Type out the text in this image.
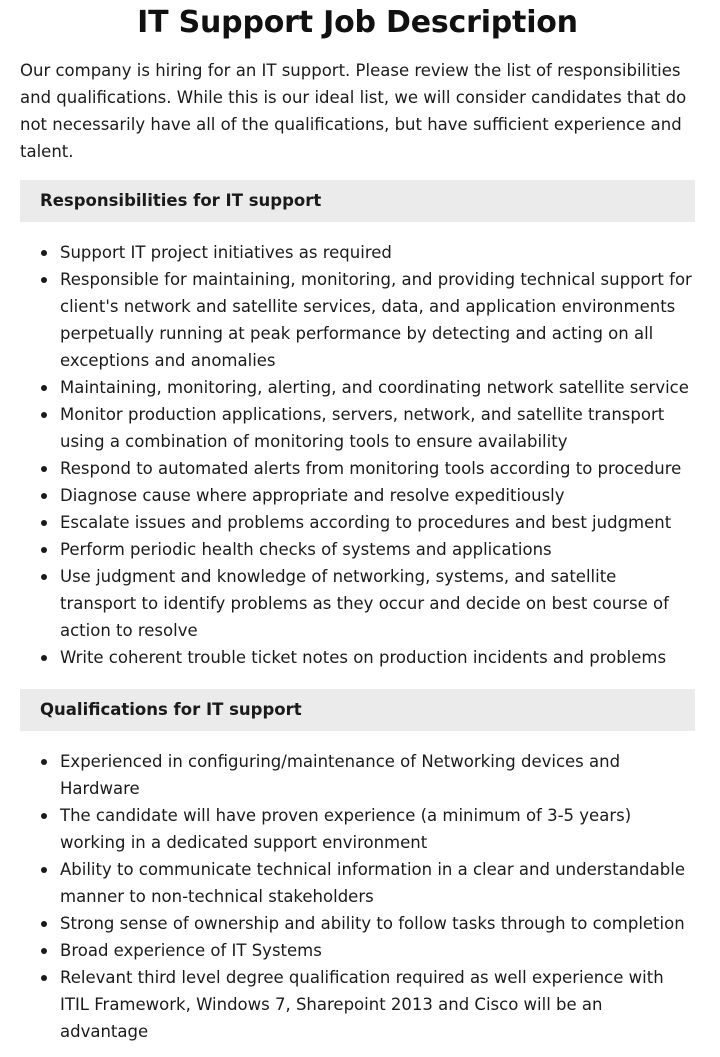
IT Support Job Description

Our company is hiring for an IT support. Please review the list of responsibilities and qualifications. While this is our ideal list, we will consider candidates that do not necessarily have all of the qualifications, but have sufficient experience and talent.

Responsibilities for IT support
Support IT project initiatives as required
Responsible for maintaining, monitoring, and providing technical support for client's network and satellite services, data, and application environments perpetually running at peak performance by detecting and acting on all exceptions and anomalies
Maintaining, monitoring, alerting, and coordinating network satellite service
Monitor production applications, servers, network, and satellite transport using a combination of monitoring tools to ensure availability
Respond to automated alerts from monitoring tools according to procedure
Diagnose cause where appropriate and resolve expeditiously
Escalate issues and problems according to procedures and best judgment
Perform periodic health checks of systems and applications
Use judgment and knowledge of networking, systems, and satellite transport to identify problems as they occur and decide on best course of action to resolve
Write coherent trouble ticket notes on production incidents and problems
Qualifications for IT support
Experienced in configuring/maintenance of Networking devices and Hardware
The candidate will have proven experience (a minimum of 3-5 years) working in a dedicated support environment
Ability to communicate technical information in a clear and understandable manner to non-technical stakeholders
Strong sense of ownership and ability to follow tasks through to completion
Broad experience of IT Systems
Relevant third level degree qualification required as well experience with ITIL Framework, Windows 7, Sharepoint 2013 and Cisco will be an advantage
